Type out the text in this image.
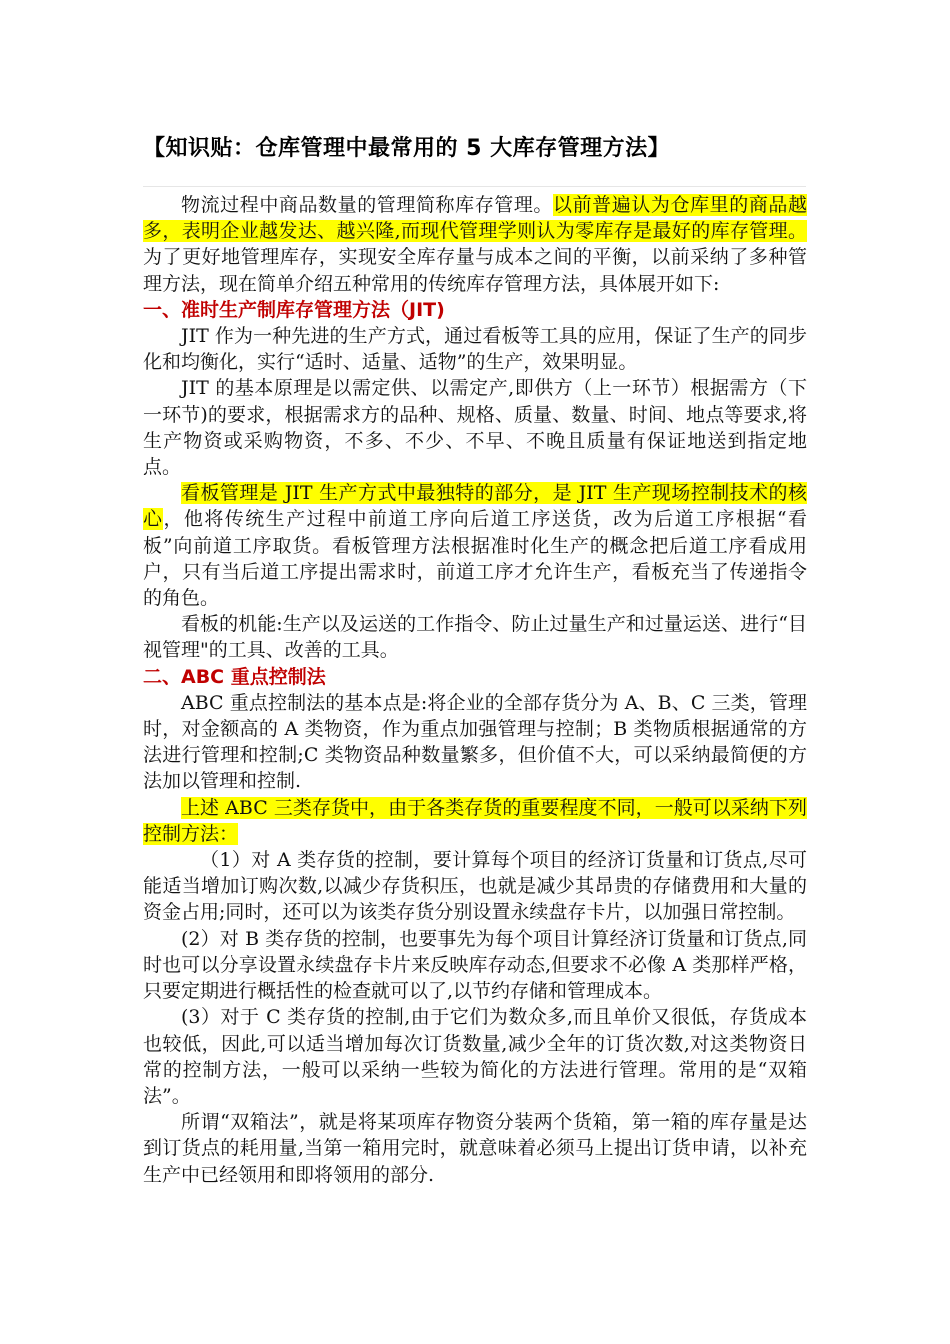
【知识贴：仓库管理中最常用的 5 大库存管理方法】

物流过程中商品数量的管理简称库存管理。以前普遍认为仓库里的商品越多，表明企业越发达、越兴隆,而现代管理学则认为零库存是最好的库存管理。为了更好地管理库存，实现安全库存量与成本之间的平衡，以前采纳了多种管理方法，现在简单介绍五种常用的传统库存管理方法，具体展开如下:

一、准时生产制库存管理方法（JIT)

JIT 作为一种先进的生产方式，通过看板等工具的应用，保证了生产的同步化和均衡化，实行“适时、适量、适物”的生产，效果明显。

JIT 的基本原理是以需定供、以需定产,即供方（上一环节）根据需方（下一环节)的要求，根据需求方的品种、规格、质量、数量、时间、地点等要求,将生产物资或采购物资，不多、不少、不早、不晚且质量有保证地送到指定地点。

看板管理是 JIT 生产方式中最独特的部分，是 JIT 生产现场控制技术的核心，他将传统生产过程中前道工序向后道工序送货，改为后道工序根据“看板”向前道工序取货。看板管理方法根据准时化生产的概念把后道工序看成用户，只有当后道工序提出需求时，前道工序才允许生产，看板充当了传递指令的角色。

看板的机能:生产以及运送的工作指令、防止过量生产和过量运送、进行“目视管理"的工具、改善的工具。

二、ABC 重点控制法

ABC 重点控制法的基本点是:将企业的全部存货分为 A、B、C 三类，管理时，对金额高的 A 类物资，作为重点加强管理与控制；B 类物质根据通常的方法进行管理和控制;C 类物资品种数量繁多，但价值不大，可以采纳最简便的方法加以管理和控制.

上述 ABC 三类存货中，由于各类存货的重要程度不同，一般可以采纳下列控制方法：

（1）对 A 类存货的控制，要计算每个项目的经济订货量和订货点,尽可能适当增加订购次数,以减少存货积压，也就是减少其昂贵的存储费用和大量的资金占用;同时，还可以为该类存货分别设置永续盘存卡片，以加强日常控制。

(2）对 B 类存货的控制，也要事先为每个项目计算经济订货量和订货点,同时也可以分享设置永续盘存卡片来反映库存动态,但要求不必像 A 类那样严格，只要定期进行概括性的检查就可以了,以节约存储和管理成本。

(3）对于 C 类存货的控制,由于它们为数众多,而且单价又很低，存货成本也较低，因此,可以适当增加每次订货数量,减少全年的订货次数,对这类物资日常的控制方法，一般可以采纳一些较为简化的方法进行管理。常用的是“双箱法”。

所谓“双箱法”，就是将某项库存物资分装两个货箱，第一箱的库存量是达到订货点的耗用量,当第一箱用完时，就意味着必须马上提出订货申请，以补充生产中已经领用和即将领用的部分.
